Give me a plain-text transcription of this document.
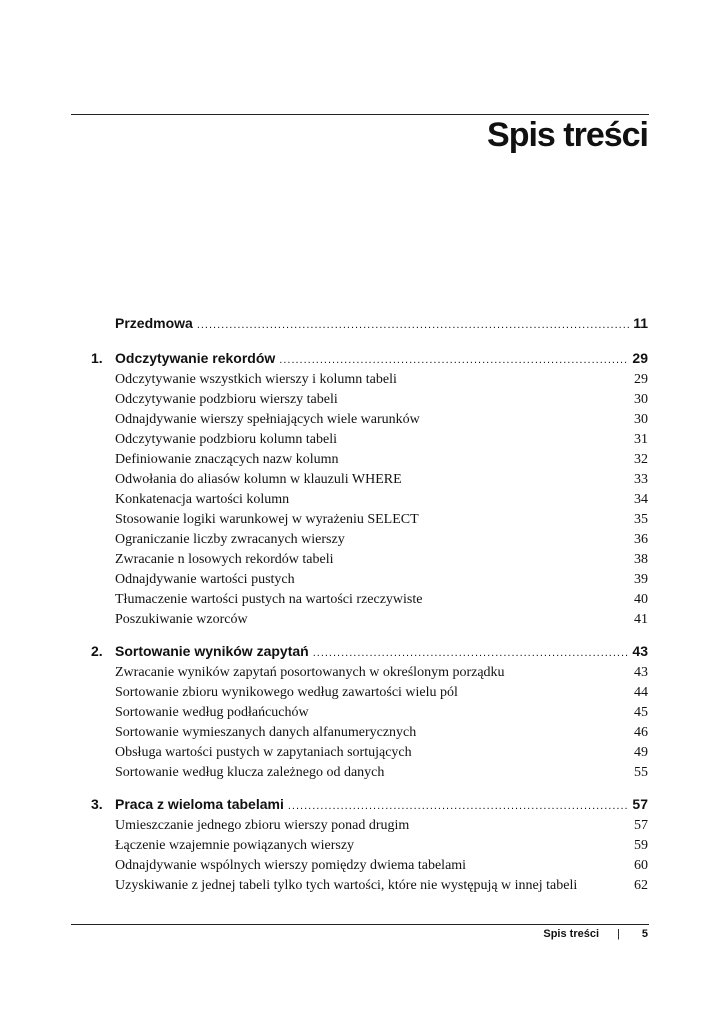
Spis treści
Przedmowa .....	11
1. Odczytywanie rekordów .....	29
Odczytywanie wszystkich wierszy i kolumn tabeli	29
Odczytywanie podzbioru wierszy tabeli	30
Odnajdywanie wierszy spełniających wiele warunków	30
Odczytywanie podzbioru kolumn tabeli	31
Definiowanie znaczących nazw kolumn	32
Odwołania do aliasów kolumn w klauzuli WHERE	33
Konkatenacja wartości kolumn	34
Stosowanie logiki warunkowej w wyrażeniu SELECT	35
Ograniczanie liczby zwracanych wierszy	36
Zwracanie n losowych rekordów tabeli	38
Odnajdywanie wartości pustych	39
Tłumaczenie wartości pustych na wartości rzeczywiste	40
Poszukiwanie wzorców	41
2. Sortowanie wyników zapytań .....	43
Zwracanie wyników zapytań posortowanych w określonym porządku	43
Sortowanie zbioru wynikowego według zawartości wielu pól	44
Sortowanie według podłańcuchów	45
Sortowanie wymieszanych danych alfanumerycznych	46
Obsługa wartości pustych w zapytaniach sortujących	49
Sortowanie według klucza zależnego od danych	55
3. Praca z wieloma tabelami .....	57
Umieszczanie jednego zbioru wierszy ponad drugim	57
Łączenie wzajemnie powiązanych wierszy	59
Odnajdywanie wspólnych wierszy pomiędzy dwiema tabelami	60
Uzyskiwanie z jednej tabeli tylko tych wartości, które nie występują w innej tabeli	62
Spis treści | 5
